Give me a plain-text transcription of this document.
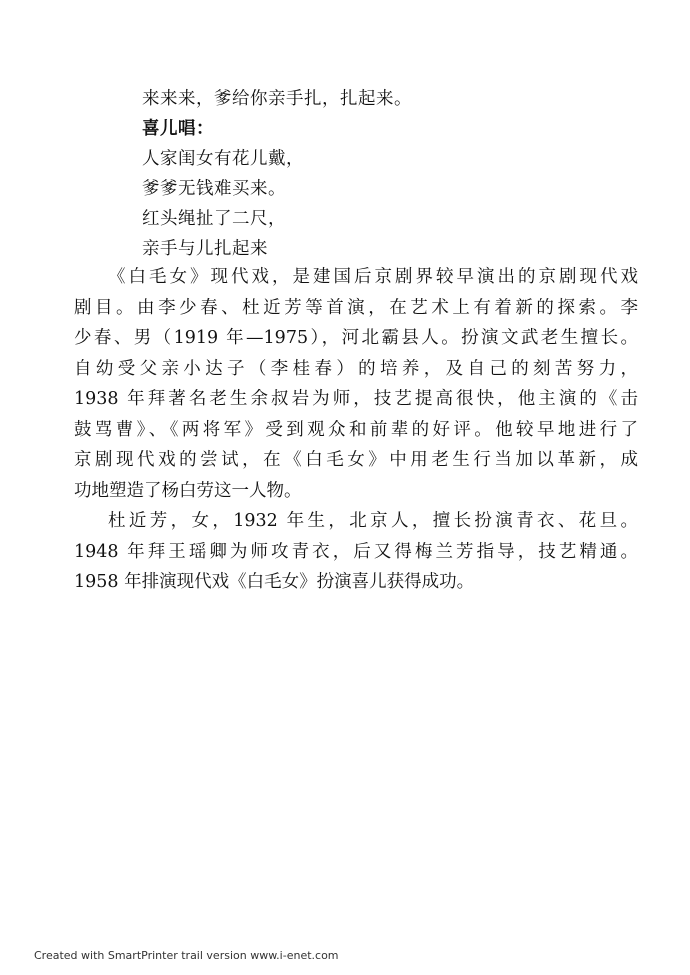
来来来，爹给你亲手扎，扎起来。
喜儿唱：
人家闺女有花儿戴，
爹爹无钱难买来。
红头绳扯了二尺，
亲手与儿扎起来
《白毛女》现代戏，是建国后京剧界较早演出的京剧现代戏
剧目。由李少春、杜近芳等首演，在艺术上有着新的探索。李
少春、男（1919 年—1975），河北霸县人。扮演文武老生擅长。
自幼受父亲小达子（李桂春）的培养，及自己的刻苦努力，
1938 年拜著名老生余叔岩为师，技艺提高很快，他主演的《击
鼓骂曹》、《两将军》受到观众和前辈的好评。他较早地进行了
京剧现代戏的尝试，在《白毛女》中用老生行当加以革新，成
功地塑造了杨白劳这一人物。
杜近芳，女，1932 年生，北京人，擅长扮演青衣、花旦。
1948 年拜王瑶卿为师攻青衣，后又得梅兰芳指导，技艺精通。
1958 年排演现代戏《白毛女》扮演喜儿获得成功。
Created with SmartPrinter trail version www.i-enet.com
